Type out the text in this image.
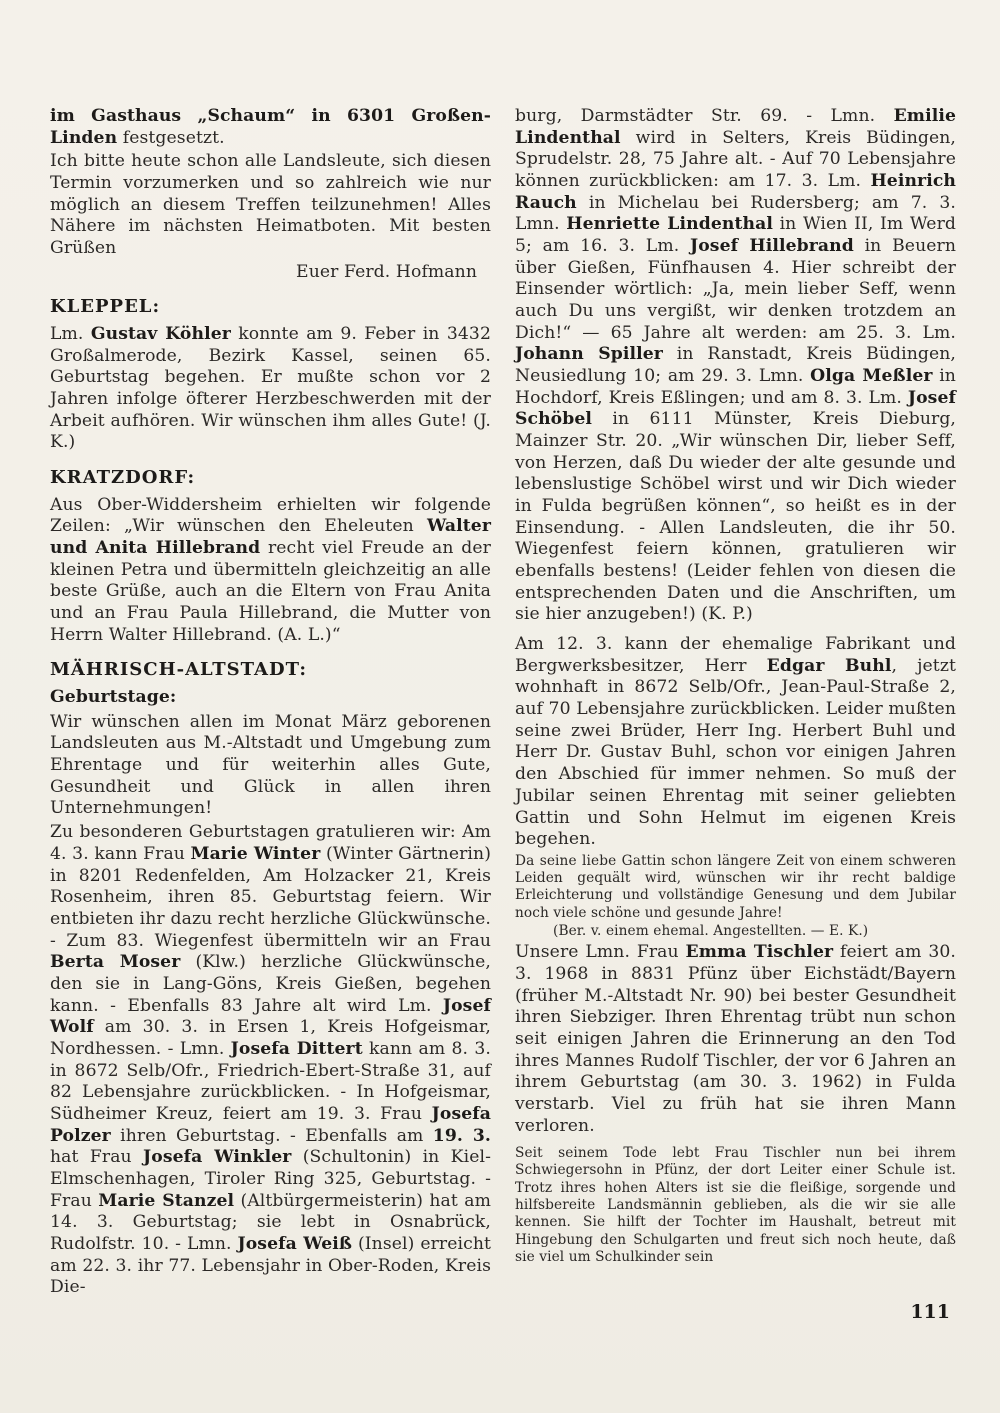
im Gasthaus „Schaum“ in 6301 Großen-Linden festgesetzt.

Ich bitte heute schon alle Landsleute, sich diesen Termin vorzumerken und so zahlreich wie nur möglich an diesem Treffen teilzunehmen! Alles Nähere im nächsten Heimatboten. Mit besten Grüßen

Euer Ferd. Hofmann

KLEPPEL:

Lm. Gustav Köhler konnte am 9. Feber in 3432 Großalmerode, Bezirk Kassel, seinen 65. Geburtstag begehen. Er mußte schon vor 2 Jahren infolge öfterer Herzbeschwerden mit der Arbeit aufhören. Wir wünschen ihm alles Gute! (J. K.)

KRATZDORF:

Aus Ober-Widdersheim erhielten wir folgende Zeilen: „Wir wünschen den Eheleuten Walter und Anita Hillebrand recht viel Freude an der kleinen Petra und übermitteln gleichzeitig an alle beste Grüße, auch an die Eltern von Frau Anita und an Frau Paula Hillebrand, die Mutter von Herrn Walter Hillebrand. (A. L.)“

MÄHRISCH-ALTSTADT:
Geburtstage:

Wir wünschen allen im Monat März geborenen Landsleuten aus M.-Altstadt und Umgebung zum Ehrentage und für weiterhin alles Gute, Gesundheit und Glück in allen ihren Unternehmungen!

Zu besonderen Geburtstagen gratulieren wir: Am 4. 3. kann Frau Marie Winter (Winter Gärtnerin) in 8201 Redenfelden, Am Holzacker 21, Kreis Rosenheim, ihren 85. Geburtstag feiern. Wir entbieten ihr dazu recht herzliche Glückwünsche. - Zum 83. Wiegenfest übermitteln wir an Frau Berta Moser (Klw.) herzliche Glückwünsche, den sie in Lang-Göns, Kreis Gießen, begehen kann. - Ebenfalls 83 Jahre alt wird Lm. Josef Wolf am 30. 3. in Ersen 1, Kreis Hofgeismar, Nordhessen. - Lmn. Josefa Dittert kann am 8. 3. in 8672 Selb/Ofr., Friedrich-Ebert-Straße 31, auf 82 Lebensjahre zurückblicken. - In Hofgeismar, Südheimer Kreuz, feiert am 19. 3. Frau Josefa Polzer ihren Geburtstag. - Ebenfalls am 19. 3. hat Frau Josefa Winkler (Schultonin) in Kiel-Elmschenhagen, Tiroler Ring 325, Geburtstag. - Frau Marie Stanzel (Altbürgermeisterin) hat am 14. 3. Geburtstag; sie lebt in Osnabrück, Rudolfstr. 10. - Lmn. Josefa Weiß (Insel) erreicht am 22. 3. ihr 77. Lebensjahr in Ober-Roden, Kreis Die-

burg, Darmstädter Str. 69. - Lmn. Emilie Lindenthal wird in Selters, Kreis Büdingen, Sprudelstr. 28, 75 Jahre alt. - Auf 70 Lebensjahre können zurückblicken: am 17. 3. Lm. Heinrich Rauch in Michelau bei Rudersberg; am 7. 3. Lmn. Henriette Lindenthal in Wien II, Im Werd 5; am 16. 3. Lm. Josef Hillebrand in Beuern über Gießen, Fünfhausen 4. Hier schreibt der Einsender wörtlich: „Ja, mein lieber Seff, wenn auch Du uns vergißt, wir denken trotzdem an Dich!“ — 65 Jahre alt werden: am 25. 3. Lm. Johann Spiller in Ranstadt, Kreis Büdingen, Neusiedlung 10; am 29. 3. Lmn. Olga Meßler in Hochdorf, Kreis Eßlingen; und am 8. 3. Lm. Josef Schöbel in 6111 Münster, Kreis Dieburg, Mainzer Str. 20. „Wir wünschen Dir, lieber Seff, von Herzen, daß Du wieder der alte gesunde und lebenslustige Schöbel wirst und wir Dich wieder in Fulda begrüßen können“, so heißt es in der Einsendung. - Allen Landsleuten, die ihr 50. Wiegenfest feiern können, gratulieren wir ebenfalls bestens! (Leider fehlen von diesen die entsprechenden Daten und die Anschriften, um sie hier anzugeben!) (K. P.)

Am 12. 3. kann der ehemalige Fabrikant und Bergwerksbesitzer, Herr Edgar Buhl, jetzt wohnhaft in 8672 Selb/Ofr., Jean-Paul-Straße 2, auf 70 Lebensjahre zurückblicken. Leider mußten seine zwei Brüder, Herr Ing. Herbert Buhl und Herr Dr. Gustav Buhl, schon vor einigen Jahren den Abschied für immer nehmen. So muß der Jubilar seinen Ehrentag mit seiner geliebten Gattin und Sohn Helmut im eigenen Kreis begehen.

Da seine liebe Gattin schon längere Zeit von einem schweren Leiden gequält wird, wünschen wir ihr recht baldige Erleichterung und vollständige Genesung und dem Jubilar noch viele schöne und gesunde Jahre!

(Ber. v. einem ehemal. Angestellten. — E. K.)

Unsere Lmn. Frau Emma Tischler feiert am 30. 3. 1968 in 8831 Pfünz über Eichstädt/Bayern (früher M.-Altstadt Nr. 90) bei bester Gesundheit ihren Siebziger. Ihren Ehrentag trübt nun schon seit einigen Jahren die Erinnerung an den Tod ihres Mannes Rudolf Tischler, der vor 6 Jahren an ihrem Geburtstag (am 30. 3. 1962) in Fulda verstarb. Viel zu früh hat sie ihren Mann verloren.

Seit seinem Tode lebt Frau Tischler nun bei ihrem Schwiegersohn in Pfünz, der dort Leiter einer Schule ist. Trotz ihres hohen Alters ist sie die fleißige, sorgende und hilfsbereite Landsmännin geblieben, als die wir sie alle kennen. Sie hilft der Tochter im Haushalt, betreut mit Hingebung den Schulgarten und freut sich noch heute, daß sie viel um Schulkinder sein

111
